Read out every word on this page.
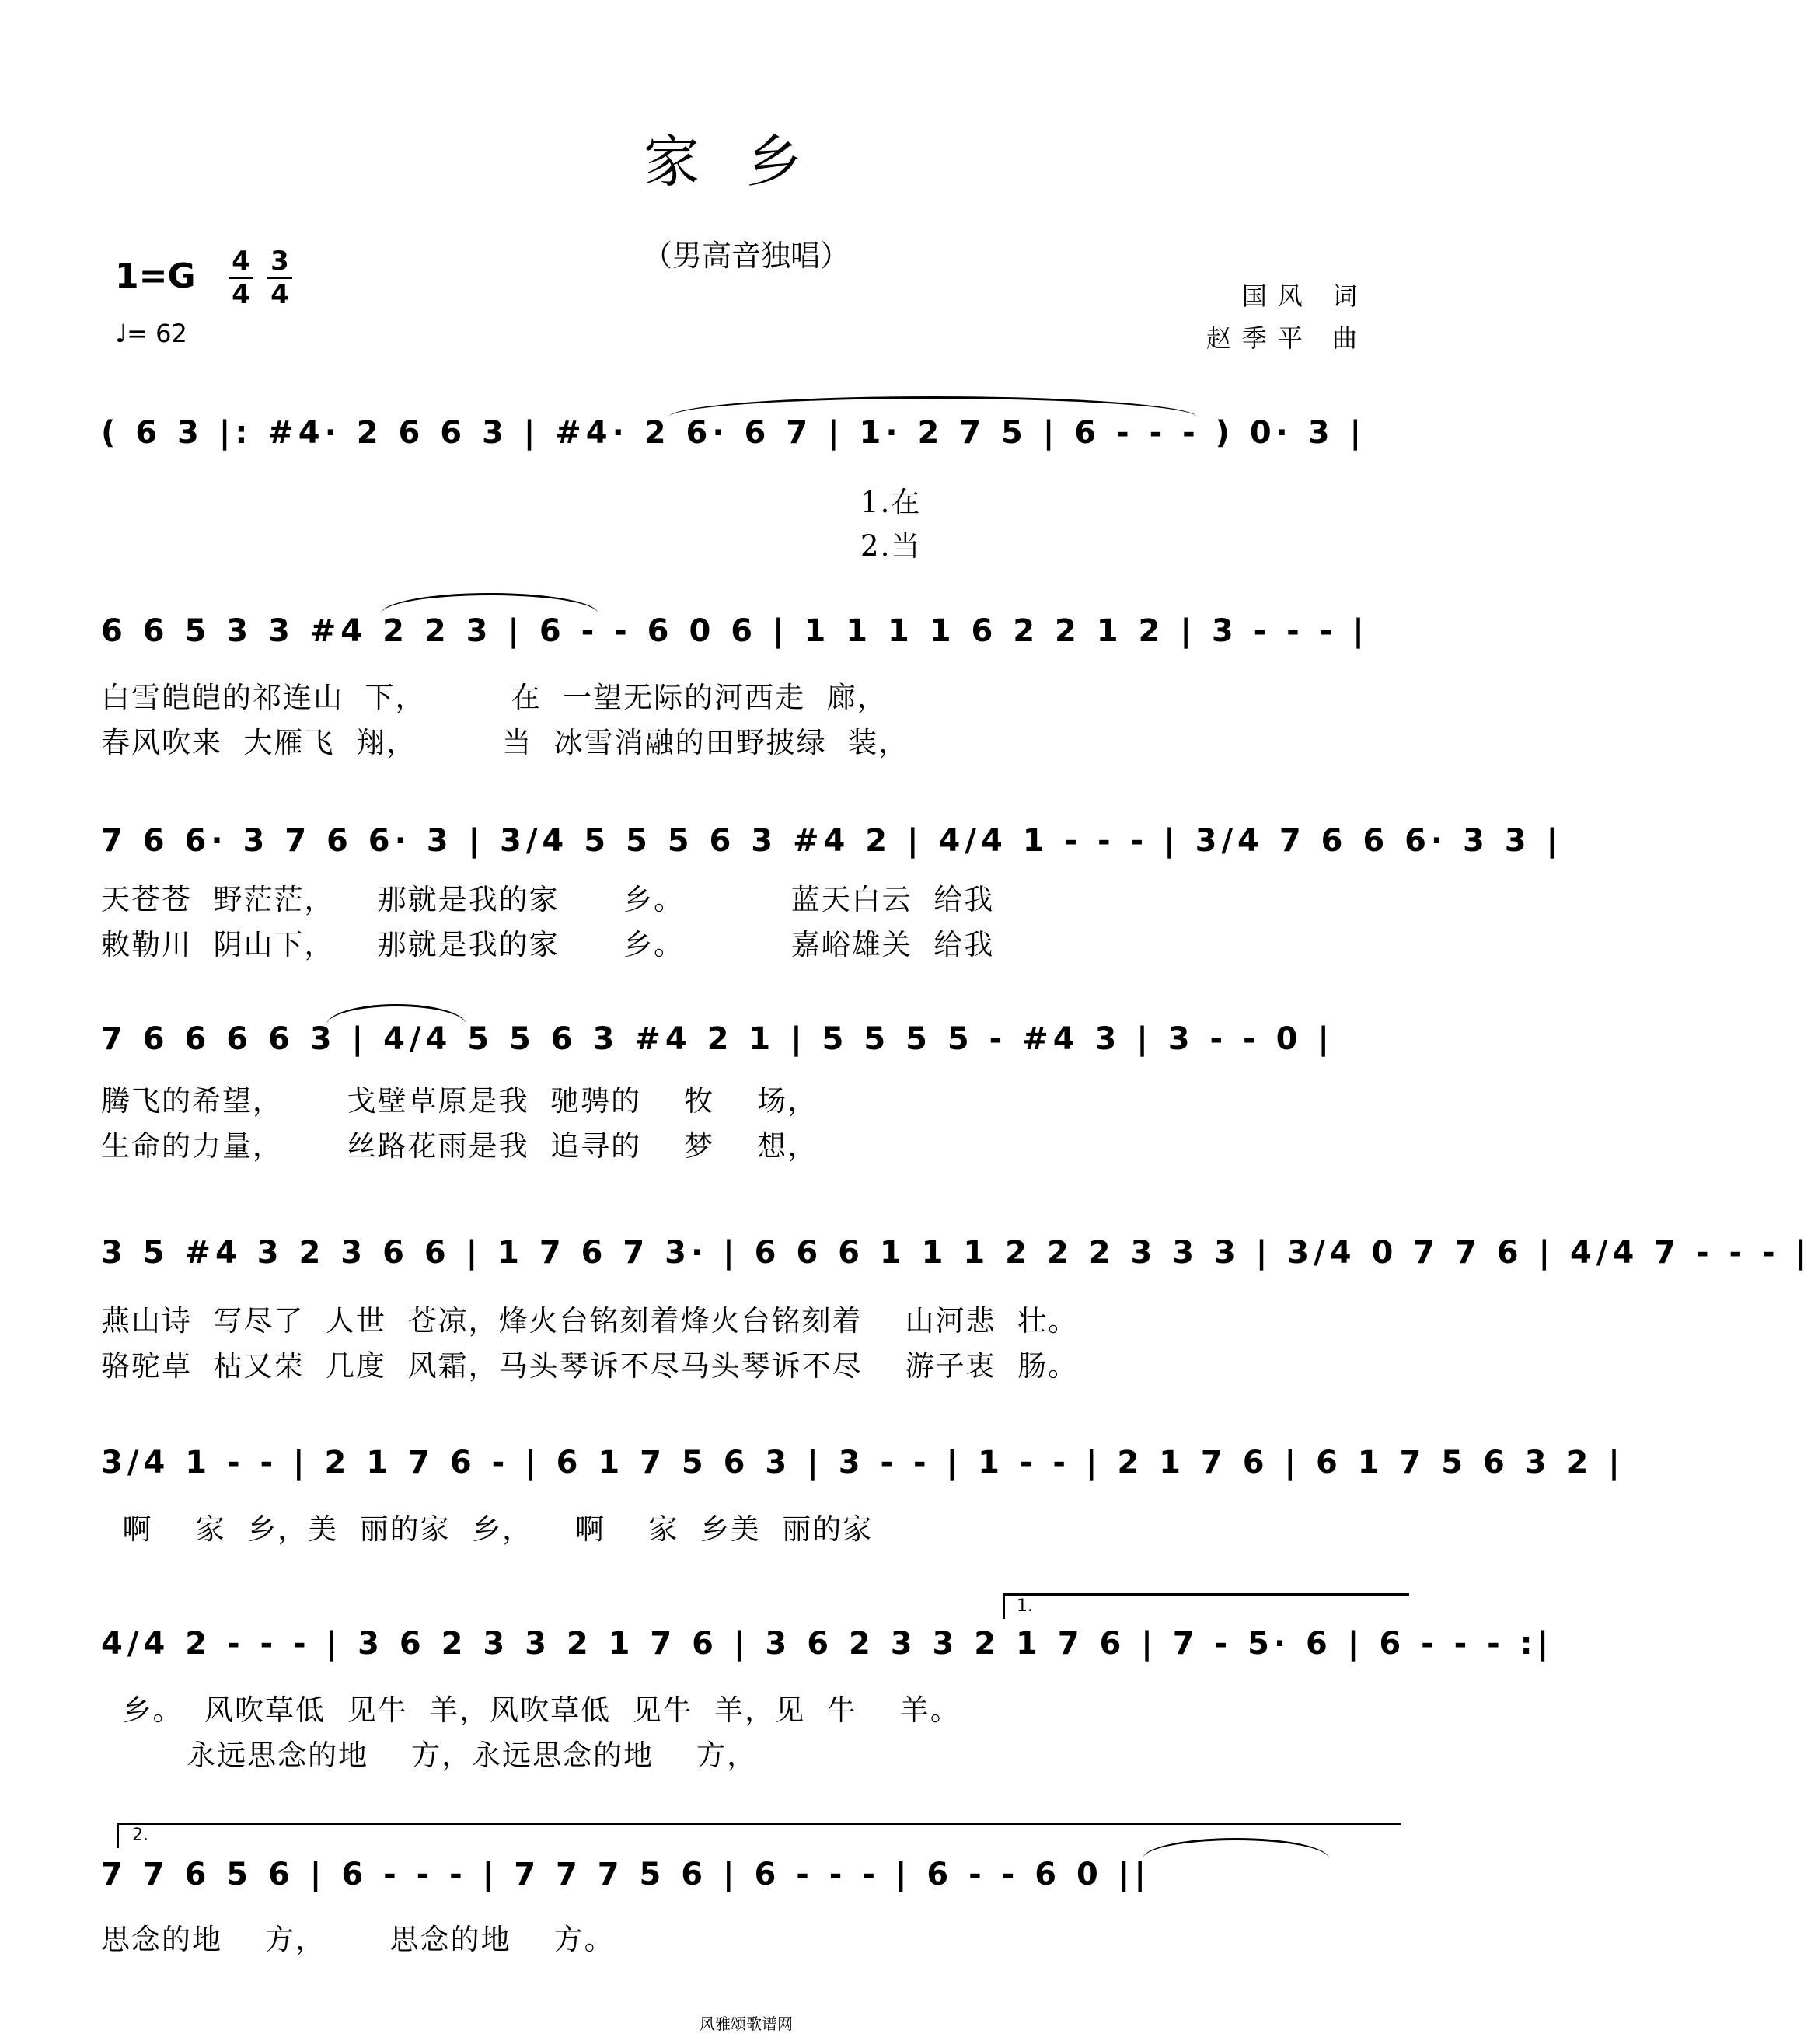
家乡
（男高音独唱）
1=G 4
4
3
4
♩= 62
国风 词
赵季平 曲
( 6 3 |: #4· 2 6 6 3 | #4· 2 6· 6 7 | 1· 2 7 5 | 6 - - - ) 0· 3 |
1.在
2.当
6 6 5 3 3 #4 2 2 3 | 6 - - 6 0 6 | 1 1 1 1 6 2 2 1 2 | 3 - - - |
白雪皑皑的祁连山  下，        在  一望无际的河西走  廊，
春风吹来  大雁飞  翔，        当  冰雪消融的田野披绿  装，
7 6 6· 3 7 6 6· 3 | 3/4 5 5 5 6 3 #4 2 | 4/4 1 - - - | 3/4 7 6 6 6· 3 3 |
天苍苍  野茫茫，    那就是我的家      乡。          蓝天白云  给我
敕勒川  阴山下，    那就是我的家      乡。          嘉峪雄关  给我
7 6 6 6 6 3 | 4/4 5 5 6 3 #4 2 1 | 5 5 5 5 - #4 3 | 3 - - 0 |
腾飞的希望，      戈壁草原是我  驰骋的    牧    场，
生命的力量，      丝路花雨是我  追寻的    梦    想，
3 5 #4 3 2 3 6 6 | 1 7 6 7 3· | 6 6 6 1 1 1 2 2 2 3 3 3 | 3/4 0 7 7 6 | 4/4 7 - - - |
燕山诗  写尽了  人世  苍凉，烽火台铭刻着烽火台铭刻着    山河悲  壮。
骆驼草  枯又荣  几度  风霜，马头琴诉不尽马头琴诉不尽    游子衷  肠。
3/4 1 - - | 2 1 7 6 - | 6 1 7 5 6 3 | 3 - - | 1 - - | 2 1 7 6 | 6 1 7 5 6 3 2 |
啊    家  乡，美  丽的家  乡，    啊    家  乡美  丽的家
1.
4/4 2 - - - | 3 6 2 3 3 2 1 7 6 | 3 6 2 3 3 2 1 7 6 | 7 - 5· 6 | 6 - - - :|
乡。  风吹草低  见牛  羊，风吹草低  见牛  羊，见  牛    羊。
永远思念的地    方，永远思念的地    方，
2.
7 7 6 5 6 | 6 - - - | 7 7 7 5 6 | 6 - - - | 6 - - 6 0 ||
思念的地    方，      思念的地    方。
风雅颂歌谱网
